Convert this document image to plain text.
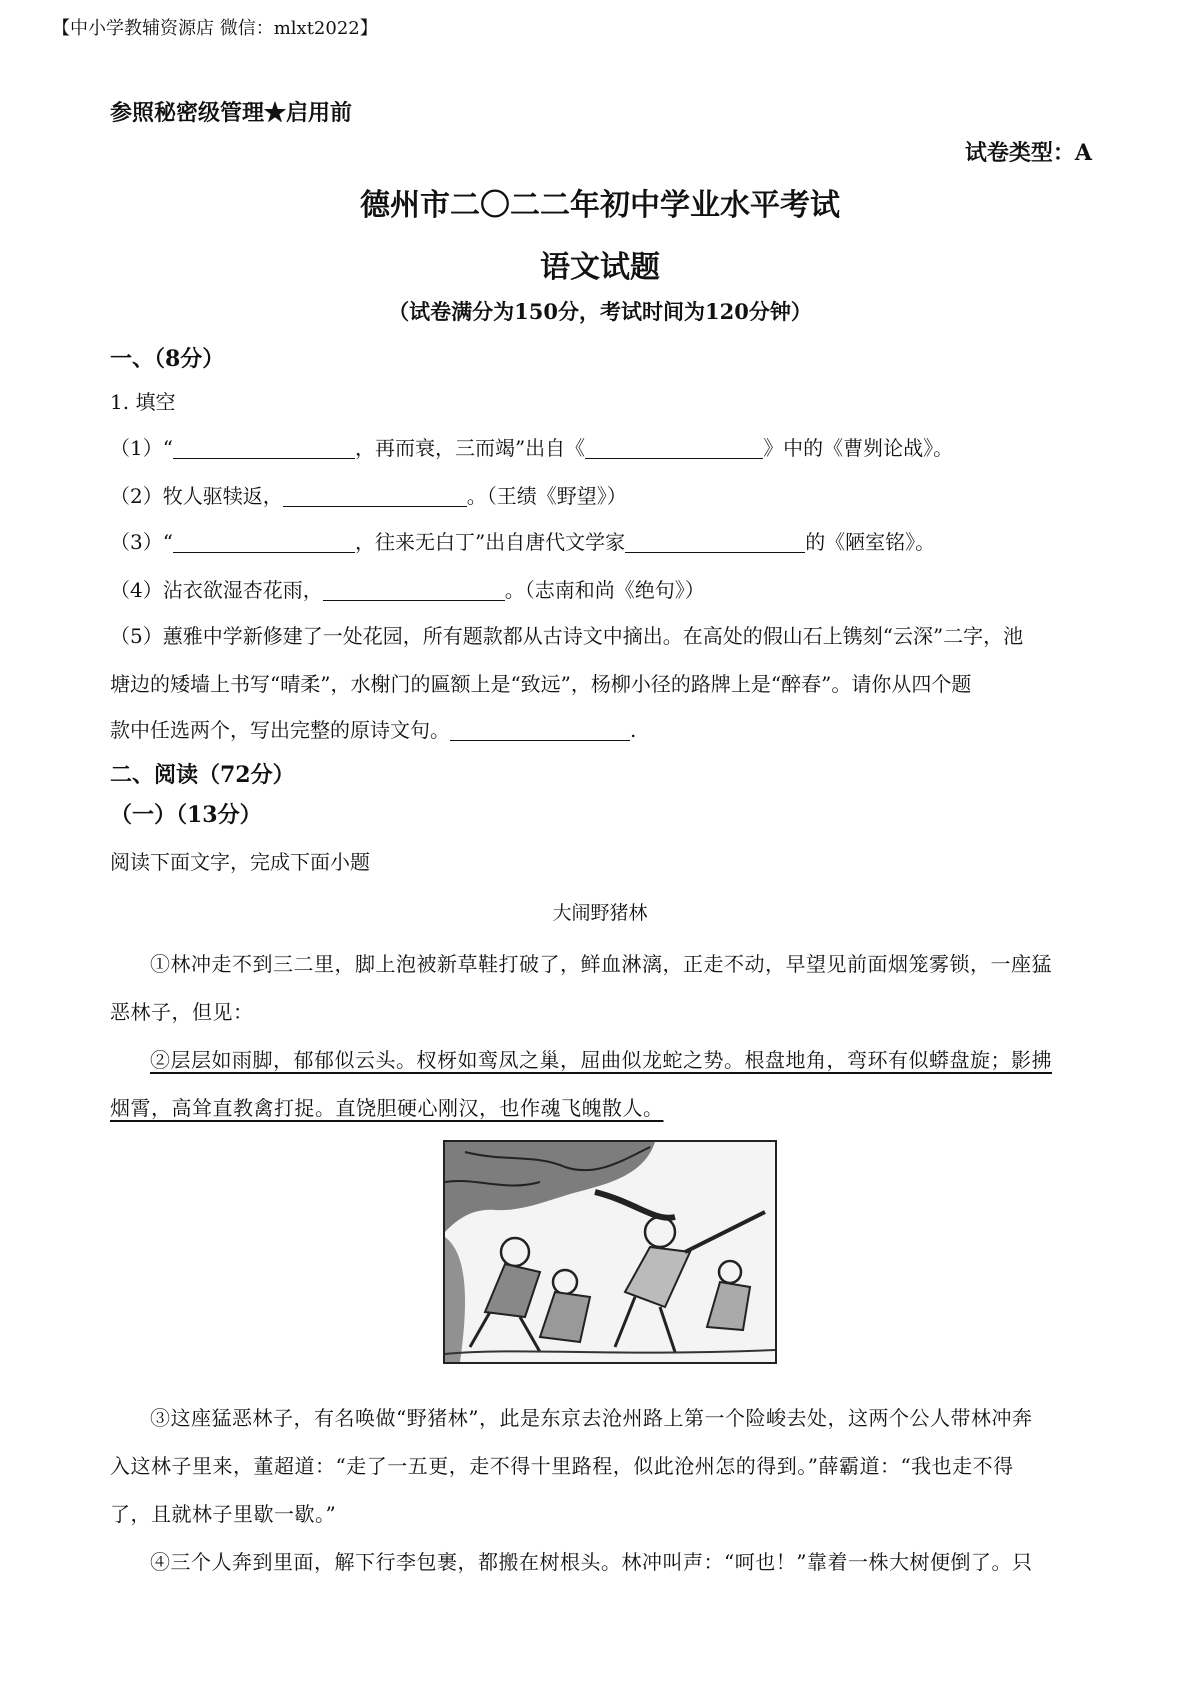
【中小学教辅资源店 微信：mlxt2022】
参照秘密级管理★启用前
试卷类型：A
德州市二〇二二年初中学业水平考试
语文试题
（试卷满分为150分，考试时间为120分钟）
一、（8分）
1. 填空
（1）“	，再而衰，三而竭”出自《	》中的《曹刿论战》。
（2）牧人驱犊返，	。（王绩《野望》）
（3）“	，往来无白丁”出自唐代文学家	的《陋室铭》。
（4）沾衣欲湿杏花雨，	。（志南和尚《绝句》）
（5）蕙雅中学新修建了一处花园，所有题款都从古诗文中摘出。在高处的假山石上镌刻“云深”二字，池
塘边的矮墙上书写“晴柔”，水榭门的匾额上是“致远”，杨柳小径的路牌上是“醉春”。请你从四个题
款中任选两个，写出完整的原诗文句。	.
二、阅读（72分）
（一）（13分）
阅读下面文字，完成下面小题
大闹野猪林
①林冲走不到三二里，脚上泡被新草鞋打破了，鲜血淋漓，正走不动，早望见前面烟笼雾锁，一座猛
恶林子，但见：
②层层如雨脚，郁郁似云头。杈枒如鸾凤之巢，屈曲似龙蛇之势。根盘地角，弯环有似蟒盘旋；影拂
烟霄，高耸直教禽打捉。直饶胆硬心刚汉，也作魂飞魄散人。
③这座猛恶林子，有名唤做“野猪林”，此是东京去沧州路上第一个险峻去处，这两个公人带林冲奔
入这林子里来，董超道：“走了一五更，走不得十里路程，似此沧州怎的得到。”薛霸道：“我也走不得
了，且就林子里歇一歇。”
④三个人奔到里面，解下行李包裹，都搬在树根头。林冲叫声：“呵也！”靠着一株大树便倒了。只
